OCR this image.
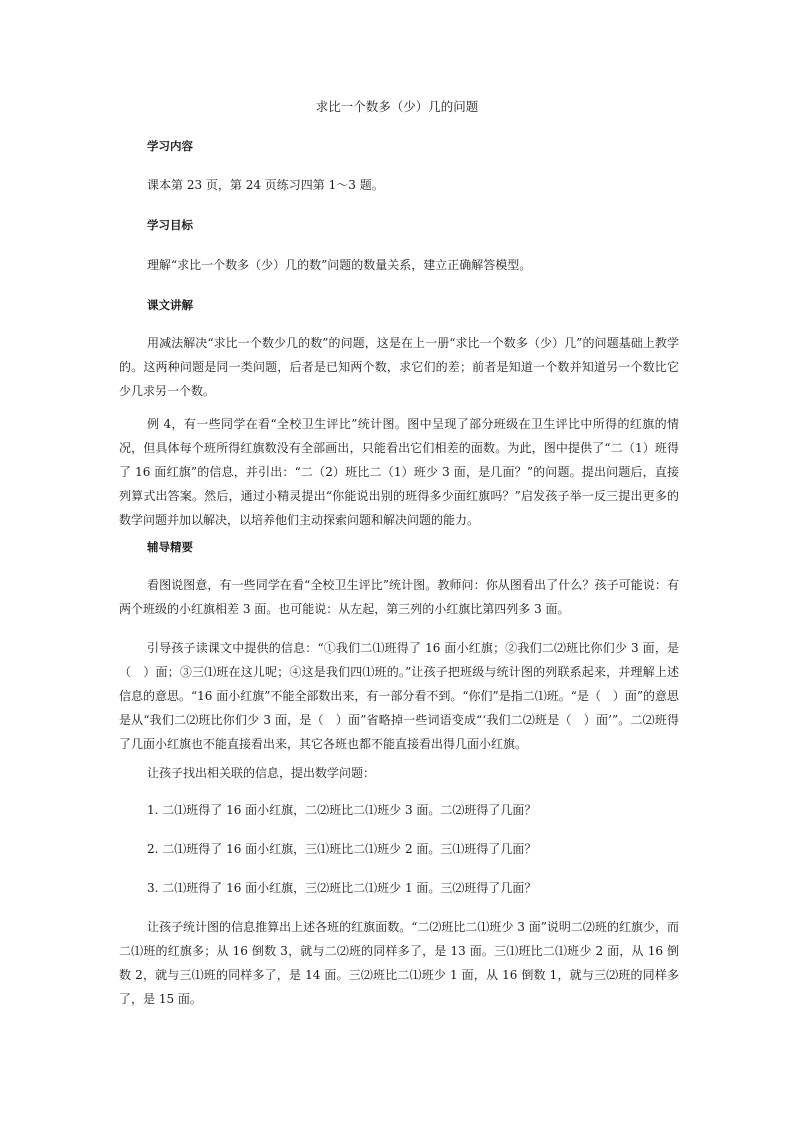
求比一个数多（少）几的问题
学习内容

课本第 23 页，第 24 页练习四第 1～3 题。

学习目标

理解“求比一个数多（少）几的数”问题的数量关系，建立正确解答模型。

课文讲解

用减法解决“求比一个数少几的数”的问题，这是在上一册“求比一个数多（少）几”的问题基础上教学的。这两种问题是同一类问题，后者是已知两个数，求它们的差；前者是知道一个数并知道另一个数比它少几求另一个数。

例 4，有一些同学在看“全校卫生评比”统计图。图中呈现了部分班级在卫生评比中所得的红旗的情况，但具体每个班所得红旗数没有全部画出，只能看出它们相差的面数。为此，图中提供了“二（1）班得了 16 面红旗”的信息，并引出：“二（2）班比二（1）班少 3 面，是几面？”的问题。提出问题后，直接列算式出答案。然后，通过小精灵提出“你能说出别的班得多少面红旗吗？”启发孩子举一反三提出更多的数学问题并加以解决，以培养他们主动探索问题和解决问题的能力。

辅导精要

看图说图意，有一些同学在看“全校卫生评比”统计图。教师问：你从图看出了什么？孩子可能说：有两个班级的小红旗相差 3 面。也可能说：从左起，第三列的小红旗比第四列多 3 面。

引导孩子读课文中提供的信息：“①我们二⑴班得了 16 面小红旗；②我们二⑵班比你们少 3 面，是（　）面；③三⑴班在这儿呢；④这是我们四⑴班的。”让孩子把班级与统计图的列联系起来，并理解上述信息的意思。“16 面小红旗”不能全部数出来，有一部分看不到。“你们”是指二⑴班。“是（　）面”的意思是从“我们二⑵班比你们少 3 面，是（　）面”省略掉一些词语变成“‘我们二⑵班是（　）面’”。二⑵班得了几面小红旗也不能直接看出来，其它各班也都不能直接看出得几面小红旗。

让孩子找出相关联的信息，提出数学问题：

1. 二⑴班得了 16 面小红旗，二⑵班比二⑴班少 3 面。二⑵班得了几面？

2. 二⑴班得了 16 面小红旗，三⑴班比二⑴班少 2 面。三⑴班得了几面？

3. 二⑴班得了 16 面小红旗，三⑵班比二⑴班少 1 面。三⑵班得了几面？

让孩子统计图的信息推算出上述各班的红旗面数。“二⑵班比二⑴班少 3 面”说明二⑵班的红旗少，而二⑴班的红旗多；从 16 倒数 3，就与二⑵班的同样多了，是 13 面。三⑴班比二⑴班少 2 面，从 16 倒数 2，就与三⑴班的同样多了，是 14 面。三⑵班比二⑴班少 1 面，从 16 倒数 1，就与三⑵班的同样多了，是 15 面。
